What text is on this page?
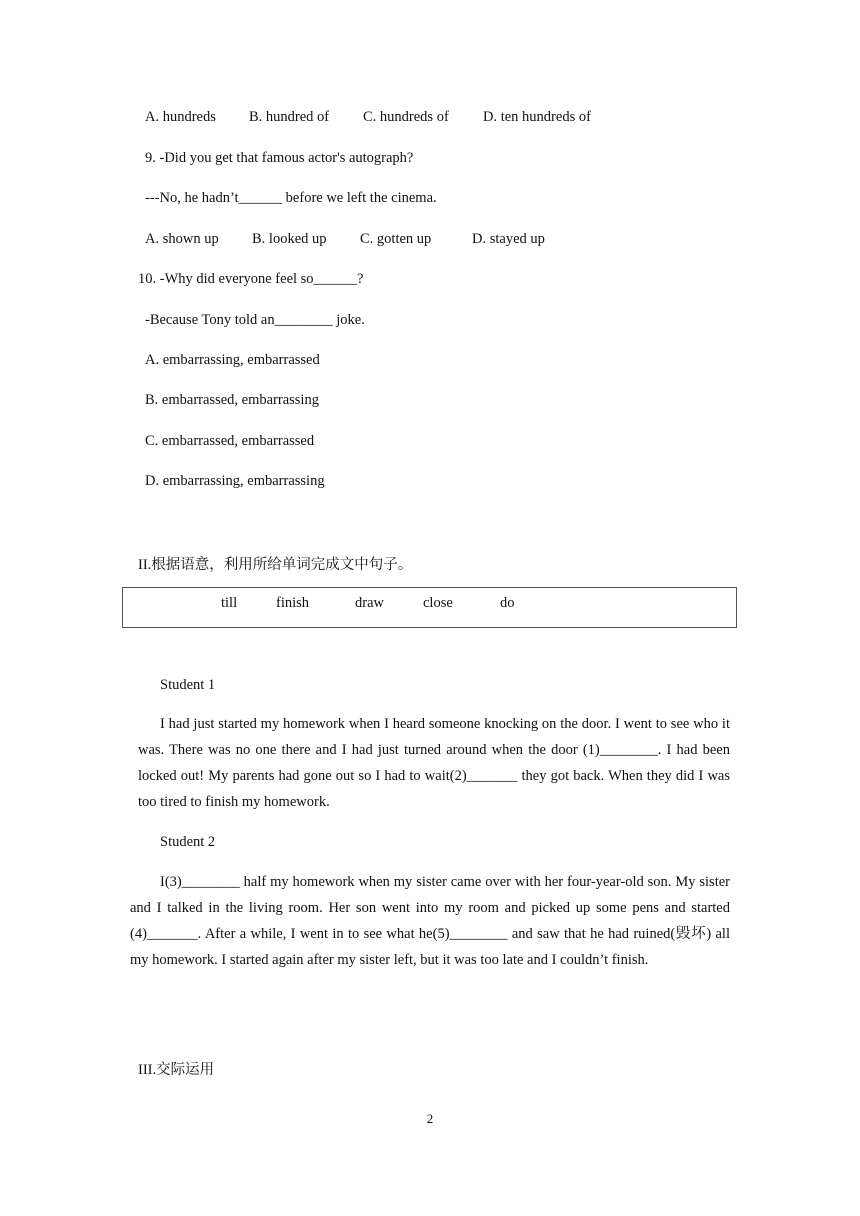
A. hundreds B. hundred of C. hundreds of D. ten hundreds of
9. -Did you get that famous actor's autograph?
---No, he hadn’t______ before we left the cinema.
A. shown up B. looked up C. gotten up	D. stayed up
10. -Why did everyone feel so______?
-Because Tony told an________ joke.
A. embarrassing, embarrassed
B. embarrassed, embarrassing
C. embarrassed, embarrassed
D. embarrassing, embarrassing
II.根据语意，利用所给单词完成文中句子。
till	finish	draw	close	do
Student 1
I had just started my homework when I heard someone knocking on the door. I went to see who it was. There was no one there and I had just turned around when the door (1)________. I had been locked out! My parents had gone out so I had to wait(2)_______ they got back. When they did I was too tired to finish my homework.
Student 2
I(3)________ half my homework when my sister came over with her four-year-old son. My sister and I talked in the living room. Her son went into my room and picked up some pens and started (4)_______. After a while, I went in to see what he(5)________ and saw that he had ruined(毁坏) all my homework. I started again after my sister left, but it was too late and I couldn’t finish.
III.交际运用
2
